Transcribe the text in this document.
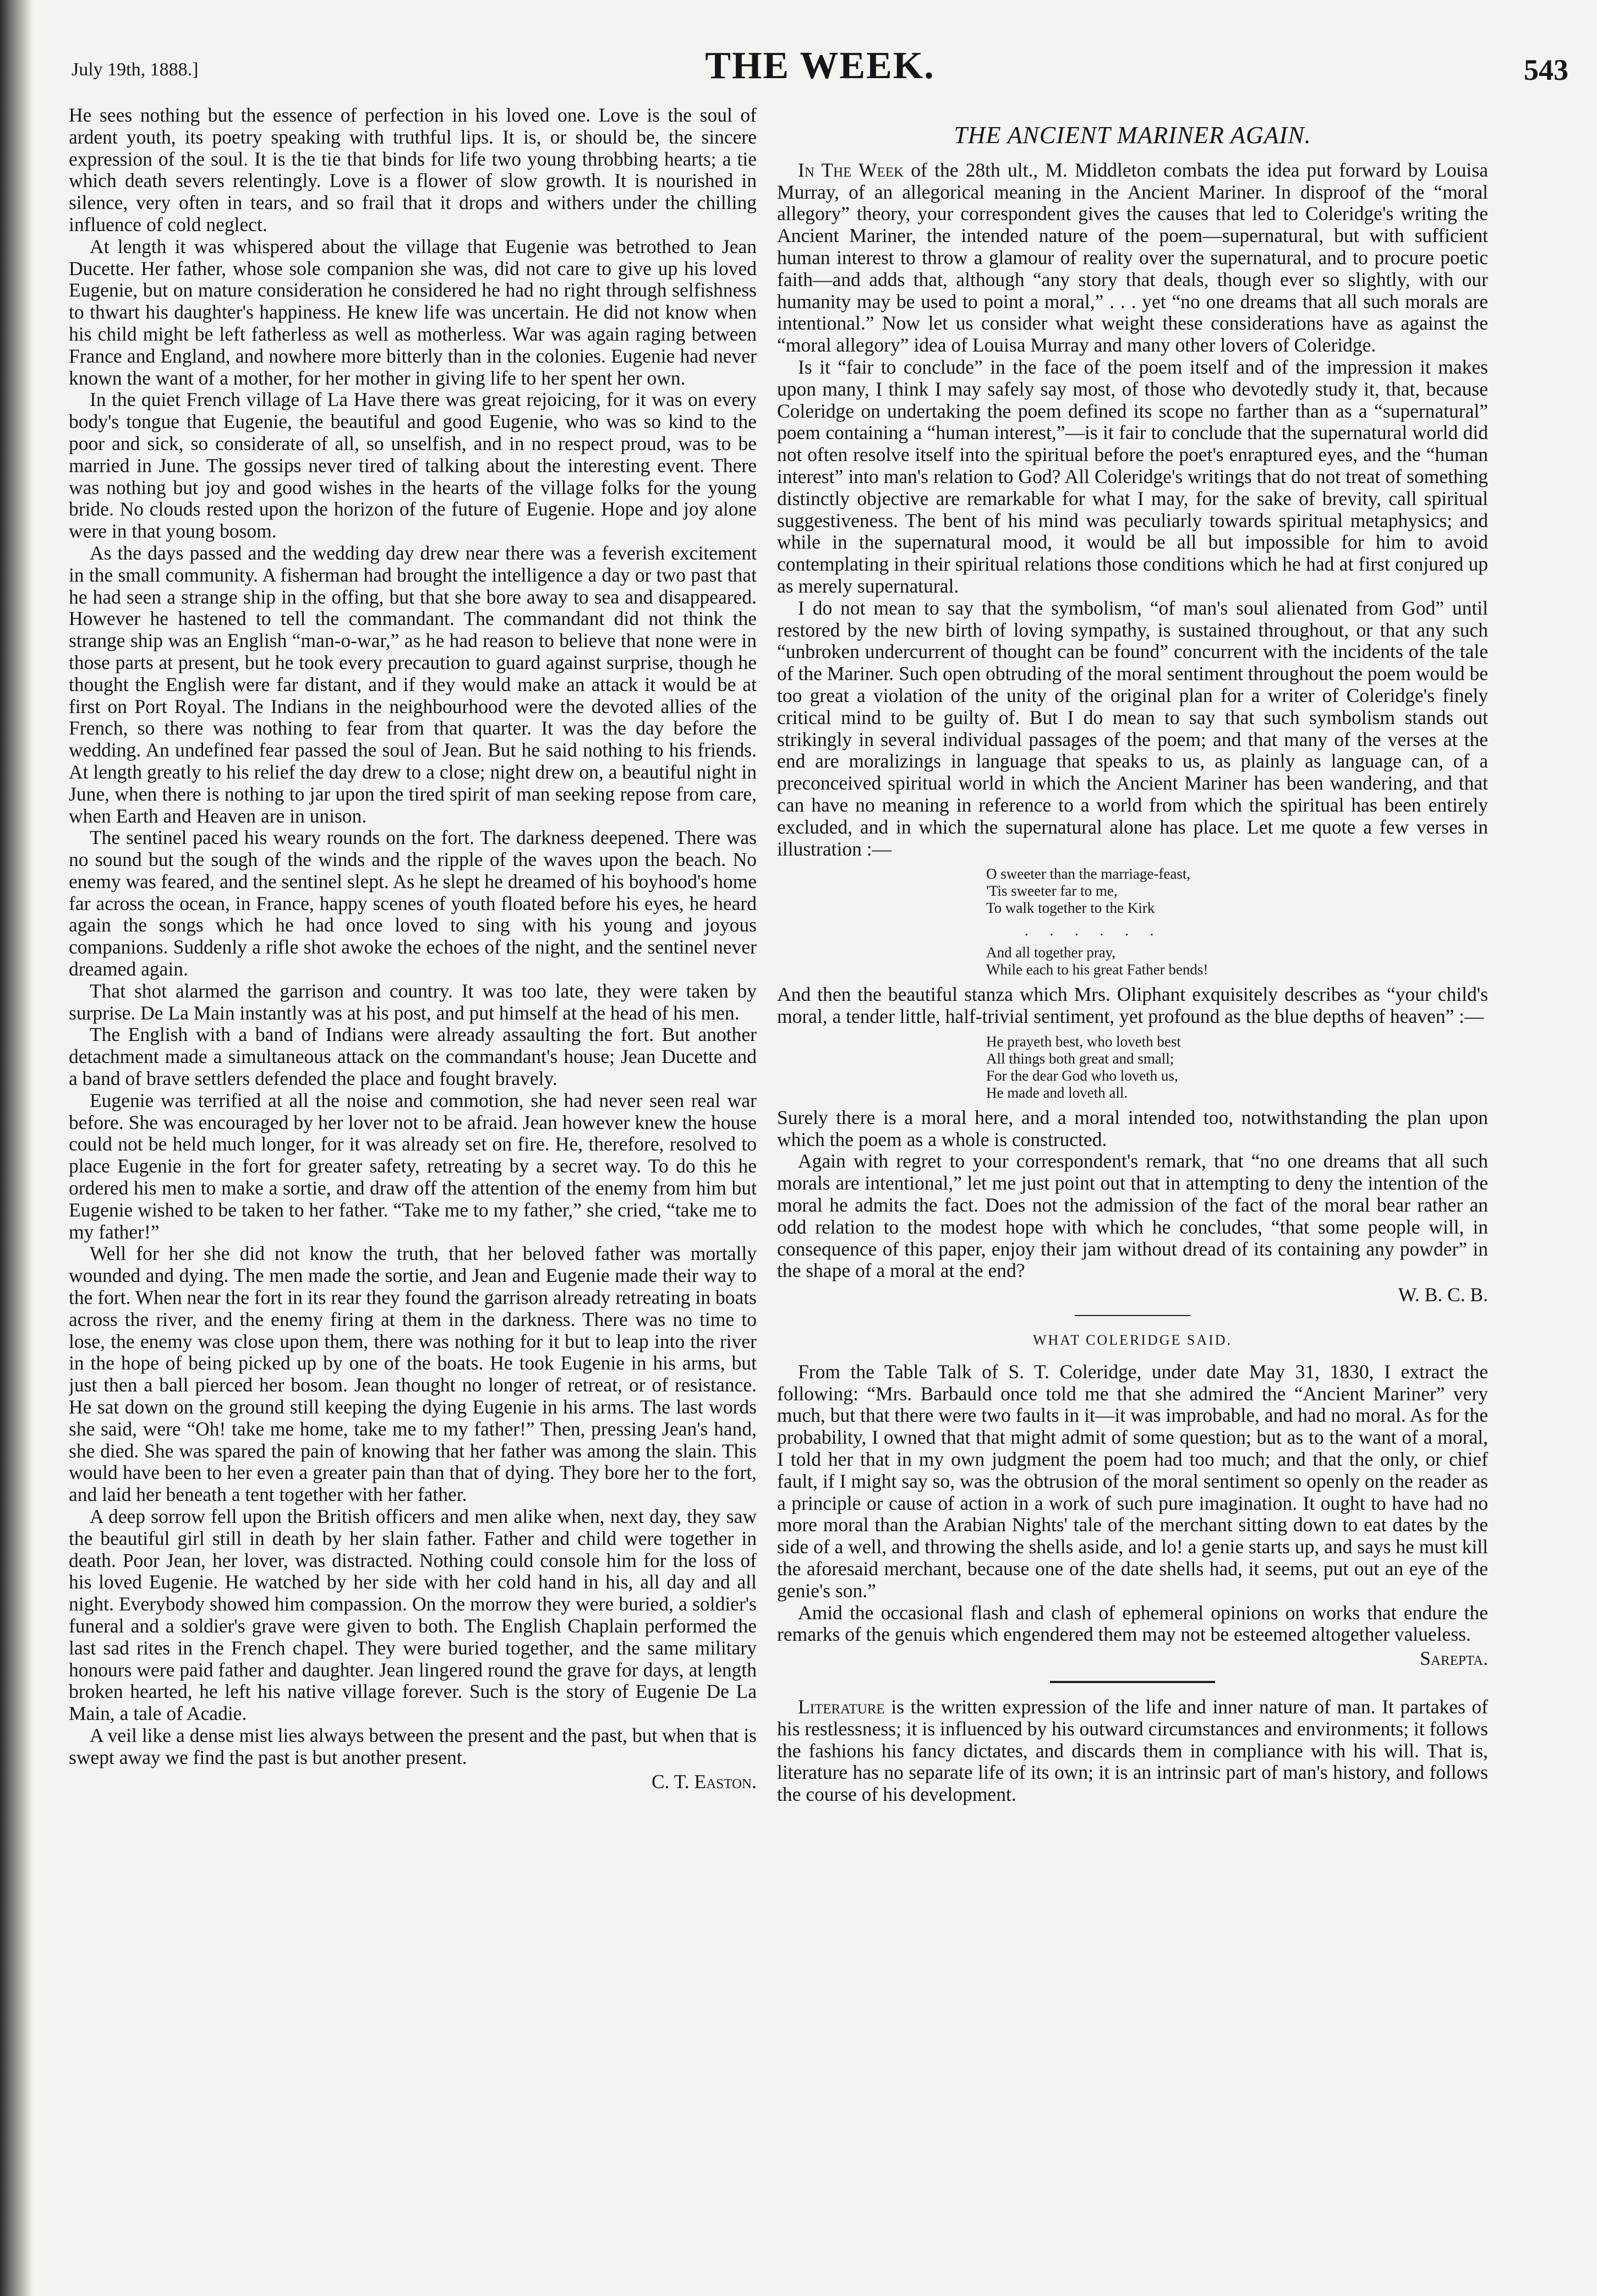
July 19th, 1888.]	THE WEEK.	543

He sees nothing but the essence of perfection in his loved one. Love is the soul of ardent youth, its poetry speaking with truthful lips. It is, or should be, the sincere expression of the soul. It is the tie that binds for life two young throbbing hearts; a tie which death severs relentingly. Love is a flower of slow growth. It is nourished in silence, very often in tears, and so frail that it drops and withers under the chilling influence of cold neglect.

At length it was whispered about the village that Eugenie was betrothed to Jean Ducette. Her father, whose sole companion she was, did not care to give up his loved Eugenie, but on mature consideration he considered he had no right through selfishness to thwart his daughter's happiness. He knew life was uncertain. He did not know when his child might be left fatherless as well as motherless. War was again raging between France and England, and nowhere more bitterly than in the colonies. Eugenie had never known the want of a mother, for her mother in giving life to her spent her own.

In the quiet French village of La Have there was great rejoicing, for it was on every body's tongue that Eugenie, the beautiful and good Eugenie, who was so kind to the poor and sick, so considerate of all, so unselfish, and in no respect proud, was to be married in June. The gossips never tired of talking about the interesting event. There was nothing but joy and good wishes in the hearts of the village folks for the young bride. No clouds rested upon the horizon of the future of Eugenie. Hope and joy alone were in that young bosom.

As the days passed and the wedding day drew near there was a feverish excitement in the small community. A fisherman had brought the intelligence a day or two past that he had seen a strange ship in the offing, but that she bore away to sea and disappeared. However he hastened to tell the commandant. The commandant did not think the strange ship was an English “man-o-war,” as he had reason to believe that none were in those parts at present, but he took every precaution to guard against surprise, though he thought the English were far distant, and if they would make an attack it would be at first on Port Royal. The Indians in the neighbourhood were the devoted allies of the French, so there was nothing to fear from that quarter. It was the day before the wedding. An undefined fear passed the soul of Jean. But he said nothing to his friends. At length greatly to his relief the day drew to a close; night drew on, a beautiful night in June, when there is nothing to jar upon the tired spirit of man seeking repose from care, when Earth and Heaven are in unison.

The sentinel paced his weary rounds on the fort. The darkness deepened. There was no sound but the sough of the winds and the ripple of the waves upon the beach. No enemy was feared, and the sentinel slept. As he slept he dreamed of his boyhood's home far across the ocean, in France, happy scenes of youth floated before his eyes, he heard again the songs which he had once loved to sing with his young and joyous companions. Suddenly a rifle shot awoke the echoes of the night, and the sentinel never dreamed again.

That shot alarmed the garrison and country. It was too late, they were taken by surprise. De La Main instantly was at his post, and put himself at the head of his men.

The English with a band of Indians were already assaulting the fort. But another detachment made a simultaneous attack on the commandant's house; Jean Ducette and a band of brave settlers defended the place and fought bravely.

Eugenie was terrified at all the noise and commotion, she had never seen real war before. She was encouraged by her lover not to be afraid. Jean however knew the house could not be held much longer, for it was already set on fire. He, therefore, resolved to place Eugenie in the fort for greater safety, retreating by a secret way. To do this he ordered his men to make a sortie, and draw off the attention of the enemy from him but Eugenie wished to be taken to her father. “Take me to my father,” she cried, “take me to my father!”

Well for her she did not know the truth, that her beloved father was mortally wounded and dying. The men made the sortie, and Jean and Eugenie made their way to the fort. When near the fort in its rear they found the garrison already retreating in boats across the river, and the enemy firing at them in the darkness. There was no time to lose, the enemy was close upon them, there was nothing for it but to leap into the river in the hope of being picked up by one of the boats. He took Eugenie in his arms, but just then a ball pierced her bosom. Jean thought no longer of retreat, or of resistance. He sat down on the ground still keeping the dying Eugenie in his arms. The last words she said, were “Oh! take me home, take me to my father!” Then, pressing Jean's hand, she died. She was spared the pain of knowing that her father was among the slain. This would have been to her even a greater pain than that of dying. They bore her to the fort, and laid her beneath a tent together with her father.

A deep sorrow fell upon the British officers and men alike when, next day, they saw the beautiful girl still in death by her slain father. Father and child were together in death. Poor Jean, her lover, was distracted. Nothing could console him for the loss of his loved Eugenie. He watched by her side with her cold hand in his, all day and all night. Everybody showed him compassion. On the morrow they were buried, a soldier's funeral and a soldier's grave were given to both. The English Chaplain performed the last sad rites in the French chapel. They were buried together, and the same military honours were paid father and daughter. Jean lingered round the grave for days, at length broken hearted, he left his native village forever. Such is the story of Eugenie De La Main, a tale of Acadie.

A veil like a dense mist lies always between the present and the past, but when that is swept away we find the past is but another present.

C. T. Easton.
THE ANCIENT MARINER AGAIN.

In The Week of the 28th ult., M. Middleton combats the idea put forward by Louisa Murray, of an allegorical meaning in the Ancient Mariner. In disproof of the “moral allegory” theory, your correspondent gives the causes that led to Coleridge's writing the Ancient Mariner, the intended nature of the poem—supernatural, but with sufficient human interest to throw a glamour of reality over the supernatural, and to procure poetic faith—and adds that, although “any story that deals, though ever so slightly, with our humanity may be used to point a moral,” . . . yet “no one dreams that all such morals are intentional.” Now let us consider what weight these considerations have as against the “moral allegory” idea of Louisa Murray and many other lovers of Coleridge.

Is it “fair to conclude” in the face of the poem itself and of the impression it makes upon many, I think I may safely say most, of those who devotedly study it, that, because Coleridge on undertaking the poem defined its scope no farther than as a “supernatural” poem containing a “human interest,”—is it fair to conclude that the supernatural world did not often resolve itself into the spiritual before the poet's enraptured eyes, and the “human interest” into man's relation to God? All Coleridge's writings that do not treat of something distinctly objective are remarkable for what I may, for the sake of brevity, call spiritual suggestiveness. The bent of his mind was peculiarly towards spiritual metaphysics; and while in the supernatural mood, it would be all but impossible for him to avoid contemplating in their spiritual relations those conditions which he had at first conjured up as merely supernatural.

I do not mean to say that the symbolism, “of man's soul alienated from God” until restored by the new birth of loving sympathy, is sustained throughout, or that any such “unbroken undercurrent of thought can be found” concurrent with the incidents of the tale of the Mariner. Such open obtruding of the moral sentiment throughout the poem would be too great a violation of the unity of the original plan for a writer of Coleridge's finely critical mind to be guilty of. But I do mean to say that such symbolism stands out strikingly in several individual passages of the poem; and that many of the verses at the end are moralizings in language that speaks to us, as plainly as language can, of a preconceived spiritual world in which the Ancient Mariner has been wandering, and that can have no meaning in reference to a world from which the spiritual has been entirely excluded, and in which the supernatural alone has place. Let me quote a few verses in illustration :—

O sweeter than the marriage-feast,
'Tis sweeter far to me,
To walk together to the Kirk
. . . . . .
And all together pray,
While each to his great Father bends!

And then the beautiful stanza which Mrs. Oliphant exquisitely describes as “your child's moral, a tender little, half-trivial sentiment, yet profound as the blue depths of heaven” :—

He prayeth best, who loveth best
All things both great and small;
For the dear God who loveth us,
He made and loveth all.

Surely there is a moral here, and a moral intended too, notwithstanding the plan upon which the poem as a whole is constructed.

Again with regret to your correspondent's remark, that “no one dreams that all such morals are intentional,” let me just point out that in attempting to deny the intention of the moral he admits the fact. Does not the admission of the fact of the moral bear rather an odd relation to the modest hope with which he concludes, “that some people will, in consequence of this paper, enjoy their jam without dread of its containing any powder” in the shape of a moral at the end?

W. B. C. B.
WHAT COLERIDGE SAID.

From the Table Talk of S. T. Coleridge, under date May 31, 1830, I extract the following: “Mrs. Barbauld once told me that she admired the “Ancient Mariner” very much, but that there were two faults in it—it was improbable, and had no moral. As for the probability, I owned that that might admit of some question; but as to the want of a moral, I told her that in my own judgment the poem had too much; and that the only, or chief fault, if I might say so, was the obtrusion of the moral sentiment so openly on the reader as a principle or cause of action in a work of such pure imagination. It ought to have had no more moral than the Arabian Nights' tale of the merchant sitting down to eat dates by the side of a well, and throwing the shells aside, and lo! a genie starts up, and says he must kill the aforesaid merchant, because one of the date shells had, it seems, put out an eye of the genie's son.”

Amid the occasional flash and clash of ephemeral opinions on works that endure the remarks of the genuis which engendered them may not be esteemed altogether valueless.

Sarepta.

Literature is the written expression of the life and inner nature of man. It partakes of his restlessness; it is influenced by his outward circumstances and environments; it follows the fashions his fancy dictates, and discards them in compliance with his will. That is, literature has no separate life of its own; it is an intrinsic part of man's history, and follows the course of his development.
